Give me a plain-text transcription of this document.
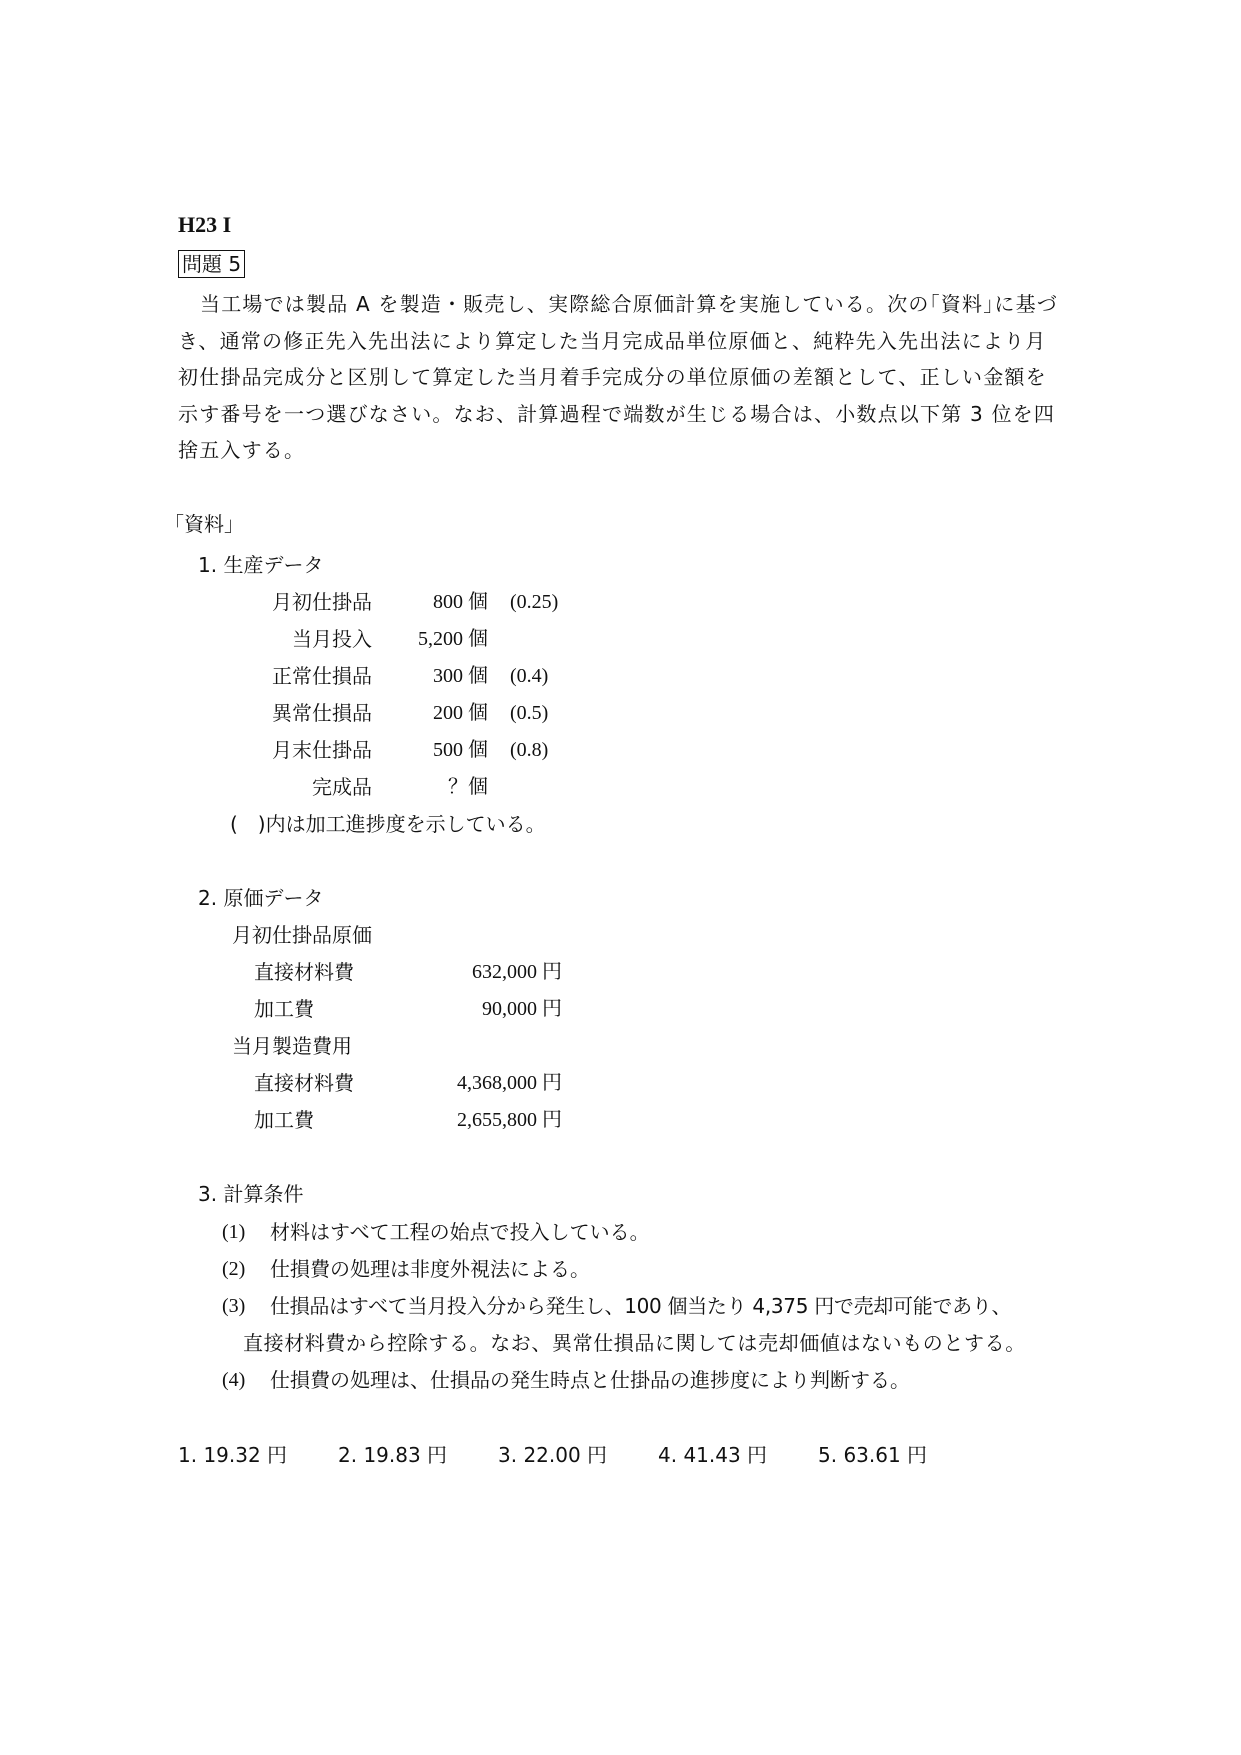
H23 I
問題 5
当工場では製品 A を製造・販売し、実際総合原価計算を実施している。次の｢資料｣に基づき、通常の修正先入先出法により算定した当月完成品単位原価と、純粋先入先出法により月初仕掛品完成分と区別して算定した当月着手完成分の単位原価の差額として、正しい金額を示す番号を一つ選びなさい。なお、計算過程で端数が生じる場合は、小数点以下第 3 位を四捨五入する。
｢資料｣
1. 生産データ
月初仕掛品	800 個 (0.25)
当月投入	5,200 個
正常仕損品	300 個 (0.4)
異常仕損品	200 個 (0.5)
月末仕掛品	500 個 (0.8)
完成品	？個
(　)内は加工進捗度を示している。
2. 原価データ
月初仕掛品原価
直接材料費	632,000 円
加工費	90,000 円
当月製造費用
直接材料費	4,368,000 円
加工費	2,655,800 円
3. 計算条件
(1) 材料はすべて工程の始点で投入している。
(2) 仕損費の処理は非度外視法による。
(3) 仕損品はすべて当月投入分から発生し、100 個当たり 4,375 円で売却可能であり、
直接材料費から控除する。なお、異常仕損品に関しては売却価値はないものとする。
(4) 仕損費の処理は、仕損品の発生時点と仕掛品の進捗度により判断する。
1. 19.32 円	2. 19.83 円	3. 22.00 円	4. 41.43 円	5. 63.61 円
